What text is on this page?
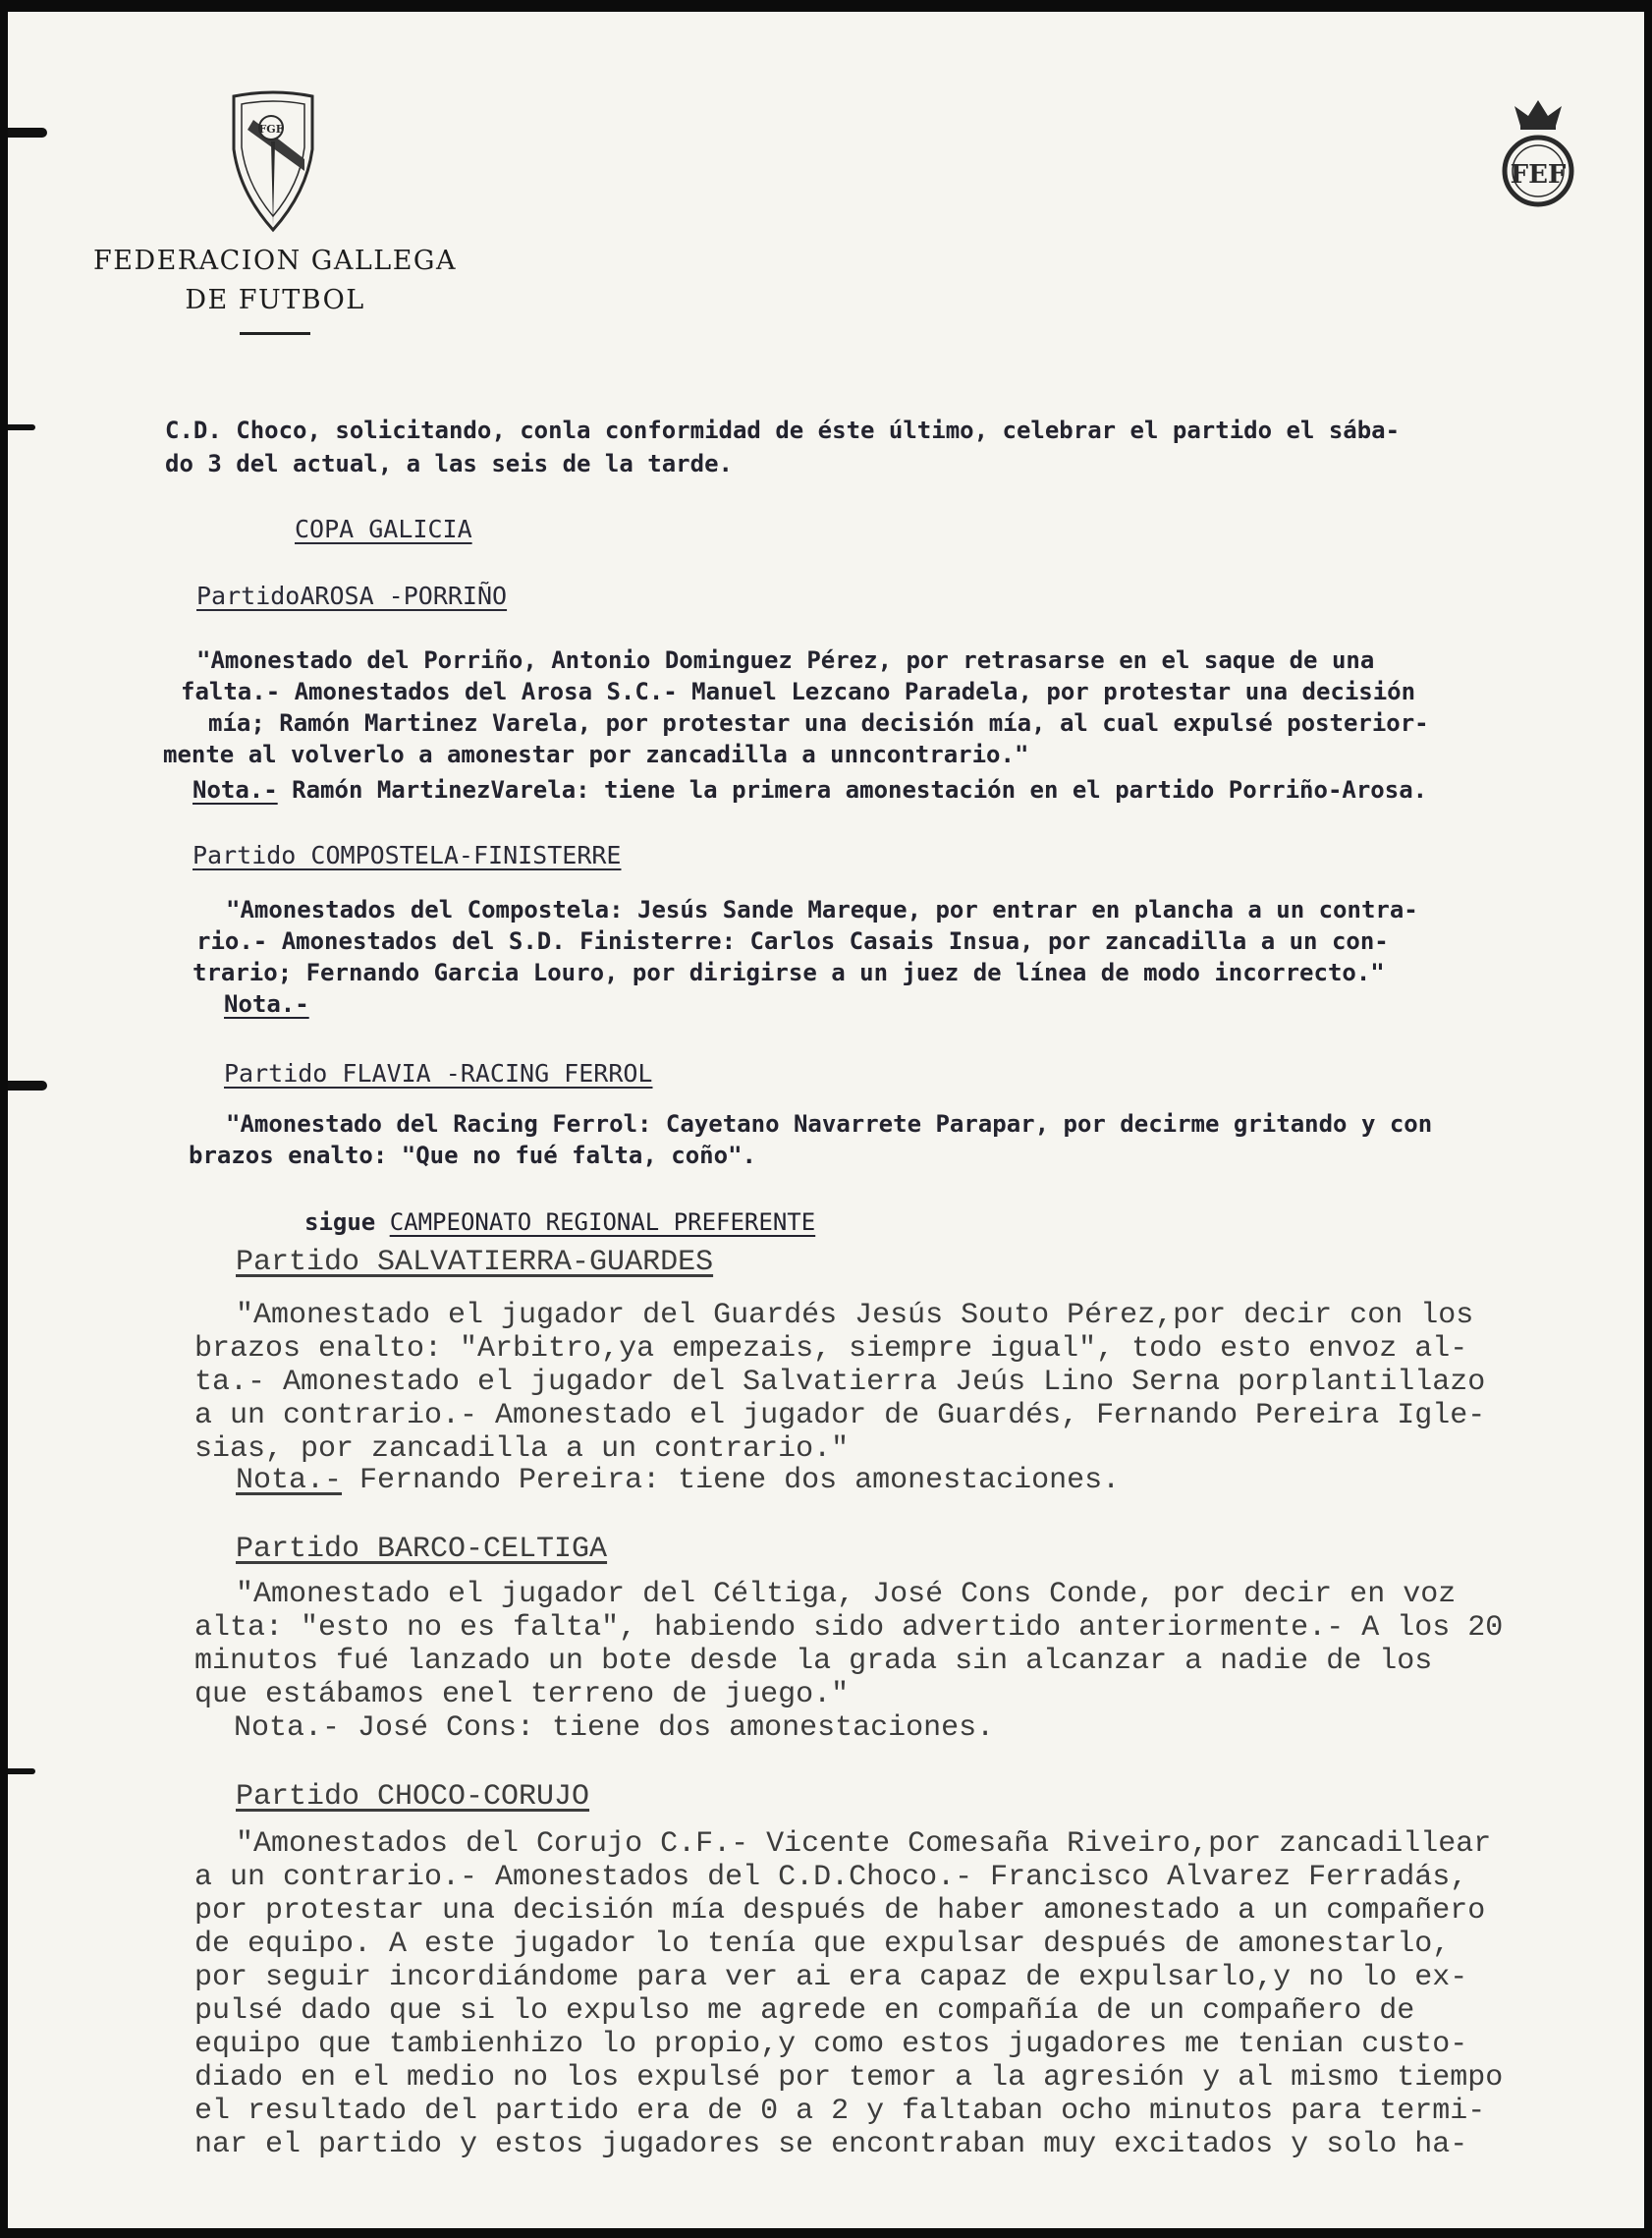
FGF
FEDERACION GALLEGA
DE FUTBOL
FEF
C.D. Choco, solicitando, conla conformidad de éste último, celebrar el partido el sába-
do 3 del actual, a las seis de la tarde.
COPA GALICIA
PartidoAROSA -PORRIÑO
"Amonestado del Porriño, Antonio Dominguez Pérez, por retrasarse en el saque de una
falta.- Amonestados del Arosa S.C.- Manuel Lezcano Paradela, por protestar una decisión
mía; Ramón Martinez Varela, por protestar una decisión mía, al cual expulsé posterior-
mente al volverlo a amonestar por zancadilla a unncontrario."
Nota.- Ramón MartinezVarela: tiene la primera amonestación en el partido Porriño-Arosa.
Partido COMPOSTELA-FINISTERRE
"Amonestados del Compostela: Jesús Sande Mareque, por entrar en plancha a un contra-
rio.- Amonestados del S.D. Finisterre: Carlos Casais Insua, por zancadilla a un con-
trario; Fernando Garcia Louro, por dirigirse a un juez de línea de modo incorrecto."
Nota.-
Partido FLAVIA -RACING FERROL
"Amonestado del Racing Ferrol: Cayetano Navarrete Parapar, por decirme gritando y con
brazos enalto: "Que no fué falta, coño".
sigue CAMPEONATO REGIONAL PREFERENTE
Partido SALVATIERRA-GUARDES
"Amonestado el jugador del Guardés Jesús Souto Pérez,por decir con los
brazos enalto: "Arbitro,ya empezais, siempre igual", todo esto envoz al-
ta.- Amonestado el jugador del Salvatierra Jeús Lino Serna porplantillazo
a un contrario.- Amonestado el jugador de Guardés, Fernando Pereira Igle-
sias, por zancadilla a un contrario."
Nota.- Fernando Pereira: tiene dos amonestaciones.
Partido BARCO-CELTIGA
"Amonestado el jugador del Céltiga, José Cons Conde, por decir en voz
alta: "esto no es falta", habiendo sido advertido anteriormente.- A los 20
minutos fué lanzado un bote desde la grada sin alcanzar a nadie de los
que estábamos enel terreno de juego."
Nota.- José Cons: tiene dos amonestaciones.
Partido CHOCO-CORUJO
"Amonestados del Corujo C.F.- Vicente Comesaña Riveiro,por zancadillear
a un contrario.- Amonestados del C.D.Choco.- Francisco Alvarez Ferradás,
por protestar una decisión mía después de haber amonestado a un compañero
de equipo. A este jugador lo tenía que expulsar después de amonestarlo,
por seguir incordiándome para ver ai era capaz de expulsarlo,y no lo ex-
pulsé dado que si lo expulso me agrede en compañía de un compañero de
equipo que tambienhizo lo propio,y como estos jugadores me tenian custo-
diado en el medio no los expulsé por temor a la agresión y al mismo tiempo
el resultado del partido era de 0 a 2 y faltaban ocho minutos para termi-
nar el partido y estos jugadores se encontraban muy excitados y solo ha-
